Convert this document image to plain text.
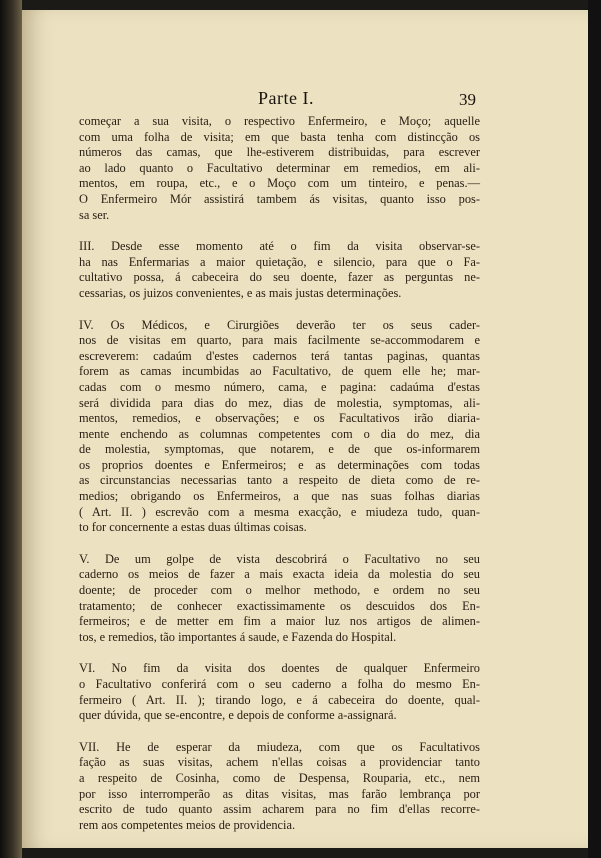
Parte I.	39
começar a sua visita, o respectivo Enfermeiro, e Moço; aquelle
com uma folha de visita; em que basta tenha com distincção os
números das camas, que lhe-estiverem distribuidas, para escrever
ao lado quanto o Facultativo determinar em remedios, em ali-
mentos, em roupa, etc., e o Moço com um tinteiro, e penas.—
O Enfermeiro Mór assistirá tambem ás visitas, quanto isso pos-
sa ser.
III. Desde esse momento até o fim da visita observar-se-
ha nas Enfermarias a maior quietação, e silencio, para que o Fa-
cultativo possa, á cabeceira do seu doente, fazer as perguntas ne-
cessarias, os juizos convenientes, e as mais justas determinações.
IV. Os Médicos, e Cirurgiões deverão ter os seus cader-
nos de visitas em quarto, para mais facilmente se-accommodarem e
escreverem: cadaúm d'estes cadernos terá tantas paginas, quantas
forem as camas incumbidas ao Facultativo, de quem elle he; mar-
cadas com o mesmo número, cama, e pagina: cadaúma d'estas
será dividida para dias do mez, dias de molestia, symptomas, ali-
mentos, remedios, e observações; e os Facultativos irão diaria-
mente enchendo as columnas competentes com o dia do mez, dia
de molestia, symptomas, que notarem, e de que os-informarem
os proprios doentes e Enfermeiros; e as determinações com todas
as circunstancias necessarias tanto a respeito de dieta como de re-
medios; obrigando os Enfermeiros, a que nas suas folhas diarias
( Art. II. ) escrevão com a mesma exacção, e miudeza tudo, quan-
to for concernente a estas duas últimas coisas.
V. De um golpe de vista descobrirá o Facultativo no seu
caderno os meios de fazer a mais exacta ideia da molestia do seu
doente; de proceder com o melhor methodo, e ordem no seu
tratamento; de conhecer exactissimamente os descuidos dos En-
fermeiros; e de metter em fim a maior luz nos artigos de alimen-
tos, e remedios, tão importantes á saude, e Fazenda do Hospital.
VI. No fim da visita dos doentes de qualquer Enfermeiro
o Facultativo conferirá com o seu caderno a folha do mesmo En-
fermeiro ( Art. II. ); tirando logo, e á cabeceira do doente, qual-
quer dúvida, que se-encontre, e depois de conforme a-assignará.
VII. He de esperar da miudeza, com que os Facultativos
fação as suas visitas, achem n'ellas coisas a providenciar tanto
a respeito de Cosinha, como de Despensa, Rouparia, etc., nem
por isso interromperão as ditas visitas, mas farão lembrança por
escrito de tudo quanto assim acharem para no fim d'ellas recorre-
rem aos competentes meios de providencia.
